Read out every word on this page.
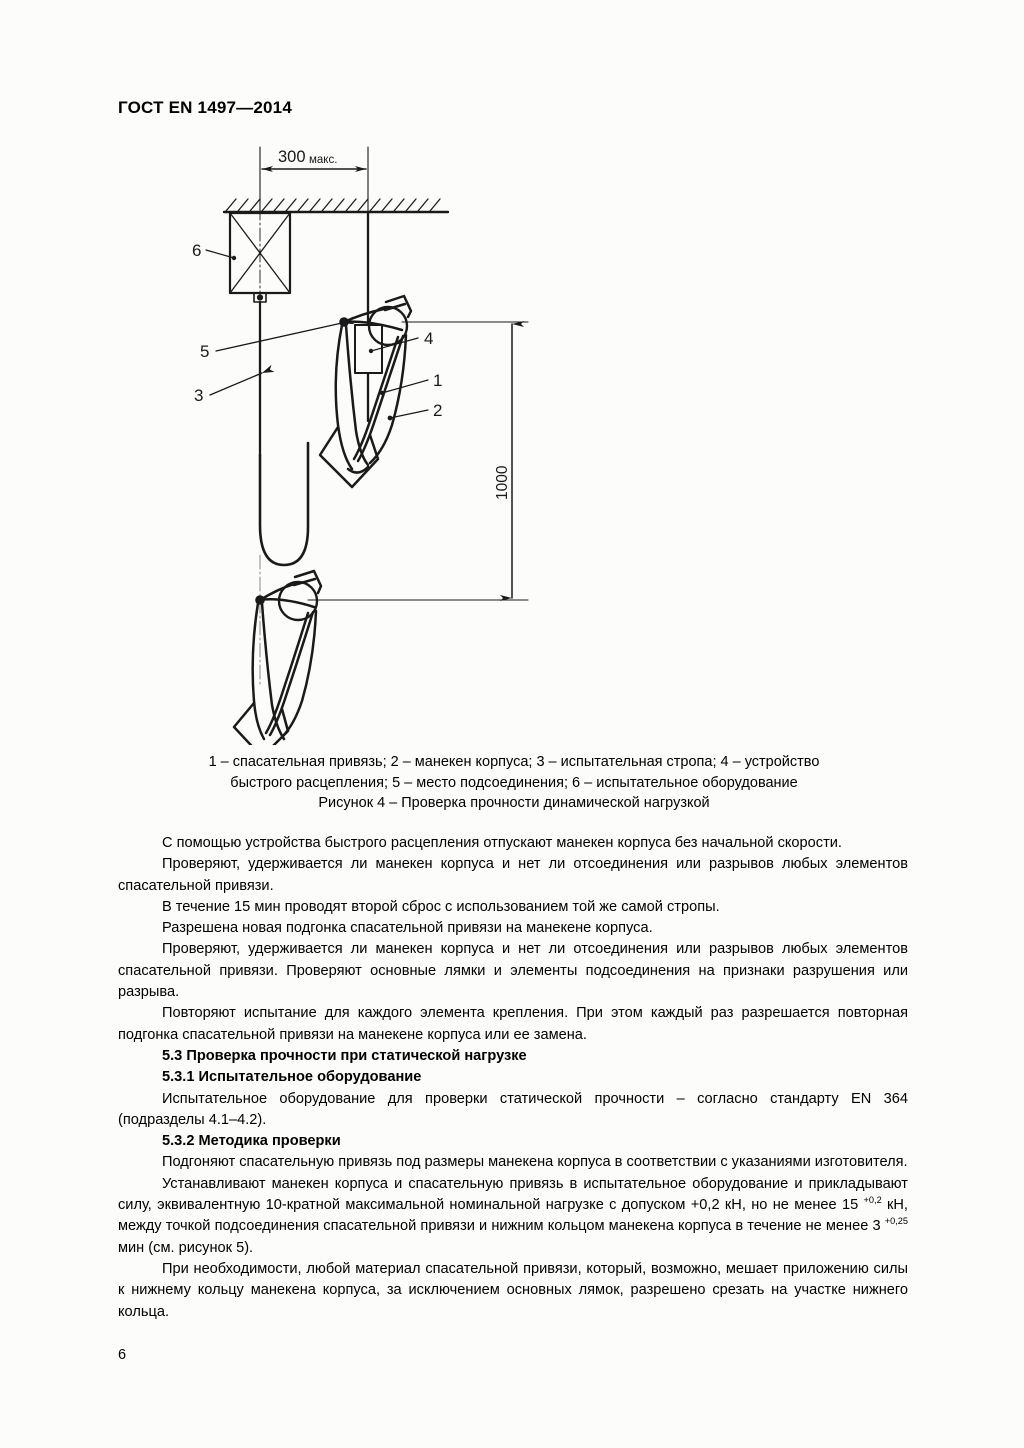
ГОСТ EN 1497—2014
300 макс.
1000
6
4
5
3
1
2
1 – спасательная привязь; 2 – манекен корпуса; 3 – испытательная стропа; 4 – устройство
быстрого расцепления; 5 – место подсоединения; 6 – испытательное оборудование
Рисунок 4 – Проверка прочности динамической нагрузкой

С помощью устройства быстрого расцепления отпускают манекен корпуса без начальной скорости.

Проверяют, удерживается ли манекен корпуса и нет ли отсоединения или разрывов любых элементов спасательной привязи.

В течение 15 мин проводят второй сброс с использованием той же самой стропы.

Разрешена новая подгонка спасательной привязи на манекене корпуса.

Проверяют, удерживается ли манекен корпуса и нет ли отсоединения или разрывов любых элементов спасательной привязи. Проверяют основные лямки и элементы подсоединения на признаки разрушения или разрыва.

Повторяют испытание для каждого элемента крепления. При этом каждый раз разрешается повторная подгонка спасательной привязи на манекене корпуса или ее замена.

5.3 Проверка прочности при статической нагрузке

5.3.1 Испытательное оборудование

Испытательное оборудование для проверки статической прочности – согласно стандарту EN 364 (подразделы 4.1–4.2).

5.3.2 Методика проверки

Подгоняют спасательную привязь под размеры манекена корпуса в соответствии с указаниями изготовителя.

Устанавливают манекен корпуса и спасательную привязь в испытательное оборудование и прикладывают силу, эквивалентную 10-кратной максимальной номинальной нагрузке с допуском +0,2 кН, но не менее 15 $^{+0,2}$ кН, между точкой подсоединения спасательной привязи и нижним кольцом манекена корпуса в течение не менее 3 $^{+0,25}$ мин (см. рисунок 5).

При необходимости, любой материал спасательной привязи, который, возможно, мешает приложению силы к нижнему кольцу манекена корпуса, за исключением основных лямок, разрешено срезать на участке нижнего кольца.

6
